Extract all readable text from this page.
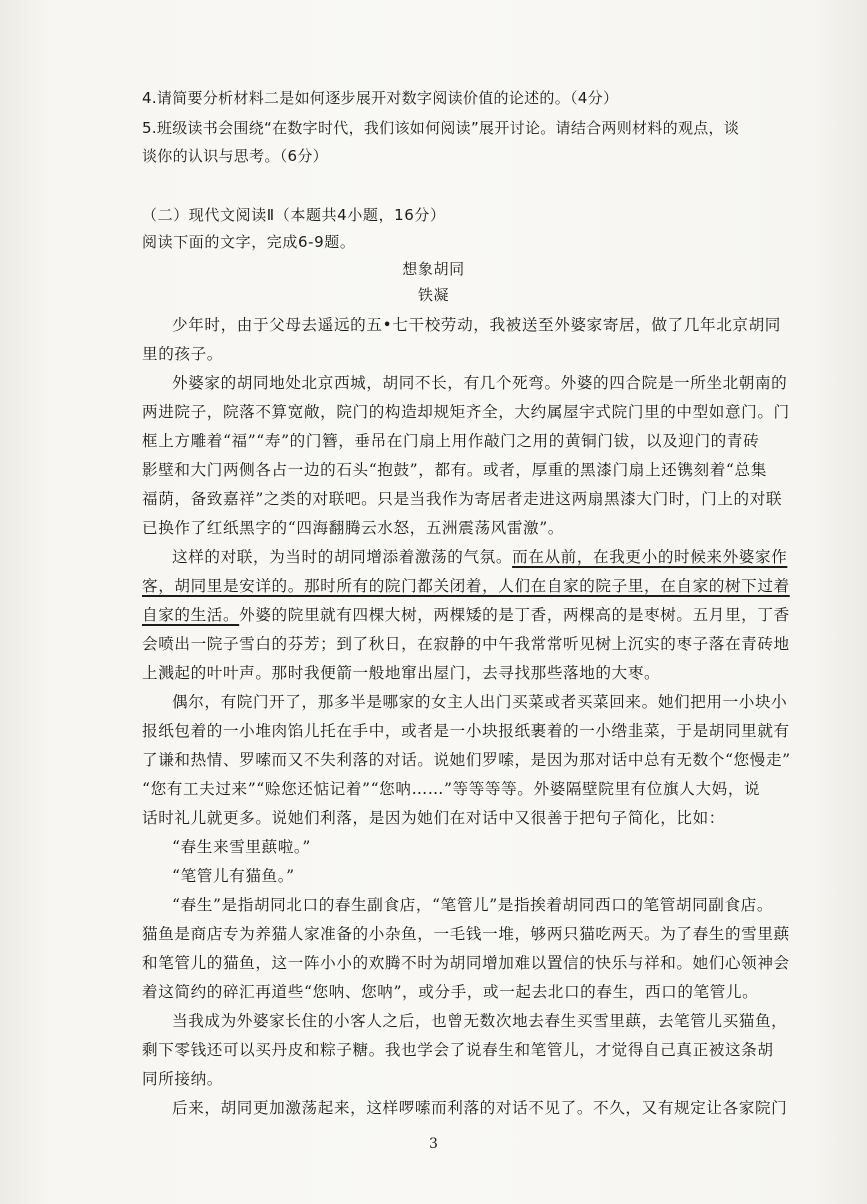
4.请简要分析材料二是如何逐步展开对数字阅读价值的论述的。（4分）
5.班级读书会围绕“在数字时代，我们该如何阅读”展开讨论。请结合两则材料的观点，谈
谈你的认识与思考。（6分）
（二）现代文阅读Ⅱ（本题共4小题，16分）
阅读下面的文字，完成6-9题。
想象胡同
铁凝
少年时，由于父母去遥远的五•七干校劳动，我被送至外婆家寄居，做了几年北京胡同
里的孩子。
外婆家的胡同地处北京西城，胡同不长，有几个死弯。外婆的四合院是一所坐北朝南的
两进院子，院落不算宽敞，院门的构造却规矩齐全，大约属屋宇式院门里的中型如意门。门
框上方雕着“福”“寿”的门簪，垂吊在门扇上用作敲门之用的黄铜门钹，以及迎门的青砖
影壁和大门两侧各占一边的石头“抱鼓”，都有。或者，厚重的黑漆门扇上还镌刻着“总集
福荫，备致嘉祥”之类的对联吧。只是当我作为寄居者走进这两扇黑漆大门时，门上的对联
已换作了红纸黑字的“四海翻腾云水怒，五洲震荡风雷激”。
这样的对联，为当时的胡同增添着激荡的气氛。而在从前，在我更小的时候来外婆家作
客，胡同里是安详的。那时所有的院门都关闭着，人们在自家的院子里，在自家的树下过着
自家的生活。外婆的院里就有四棵大树，两棵矮的是丁香，两棵高的是枣树。五月里，丁香
会喷出一院子雪白的芬芳；到了秋日，在寂静的中午我常常听见树上沉实的枣子落在青砖地
上溅起的叶叶声。那时我便箭一般地窜出屋门，去寻找那些落地的大枣。
偶尔，有院门开了，那多半是哪家的女主人出门买菜或者买菜回来。她们把用一小块小
报纸包着的一小堆肉馅儿托在手中，或者是一小块报纸裹着的一小绺韭菜，于是胡同里就有
了谦和热情、罗嗦而又不失利落的对话。说她们罗嗦，是因为那对话中总有无数个“您慢走”
“您有工夫过来”“赊您还惦记着”“您呐……”等等等等。外婆隔壁院里有位旗人大妈，说
话时礼儿就更多。说她们利落，是因为她们在对话中又很善于把句子简化，比如：
“春生来雪里蕻啦。”
“笔管儿有猫鱼。”
“春生”是指胡同北口的春生副食店，“笔管儿”是指挨着胡同西口的笔管胡同副食店。
猫鱼是商店专为养猫人家准备的小杂鱼，一毛钱一堆，够两只猫吃两天。为了春生的雪里蕻
和笔管儿的猫鱼，这一阵小小的欢腾不时为胡同增加难以置信的快乐与祥和。她们心领神会
着这简约的碎汇再道些“您呐、您呐”，或分手，或一起去北口的春生，西口的笔管儿。
当我成为外婆家长住的小客人之后，也曾无数次地去春生买雪里蕻，去笔管儿买猫鱼，
剩下零钱还可以买丹皮和粽子糖。我也学会了说春生和笔管儿，才觉得自己真正被这条胡
同所接纳。
后来，胡同更加激荡起来，这样啰嗦而利落的对话不见了。不久，又有规定让各家院门
3
